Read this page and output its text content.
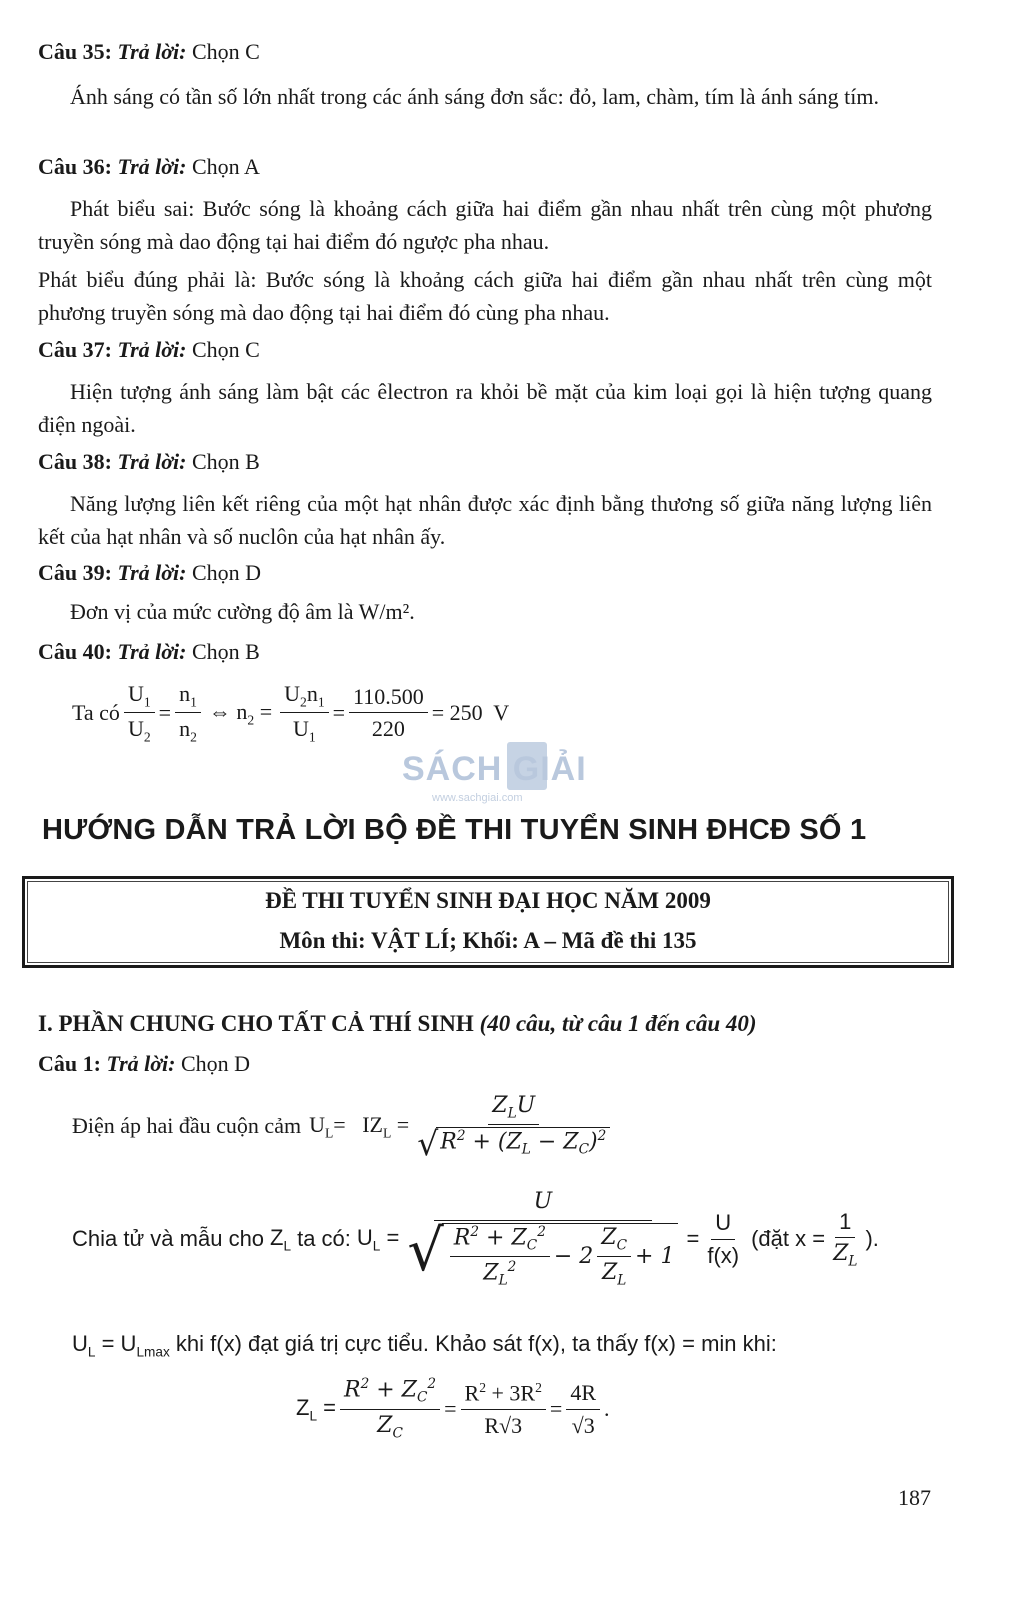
Câu 35: Trả lời: Chọn C
Ánh sáng có tần số lớn nhất trong các ánh sáng đơn sắc: đỏ, lam, chàm, tím là ánh sáng tím.
Câu 36: Trả lời: Chọn A
Phát biểu sai: Bước sóng là khoảng cách giữa hai điểm gần nhau nhất trên cùng một phương truyền sóng mà dao động tại hai điểm đó ngược pha nhau.
Phát biểu đúng phải là: Bước sóng là khoảng cách giữa hai điểm gần nhau nhất trên cùng một phương truyền sóng mà dao động tại hai điểm đó cùng pha nhau.
Câu 37: Trả lời: Chọn C
Hiện tượng ánh sáng làm bật các êlectron ra khỏi bề mặt của kim loại gọi là hiện tượng quang điện ngoài.
Câu 38: Trả lời: Chọn B
Năng lượng liên kết riêng của một hạt nhân được xác định bằng thương số giữa năng lượng liên kết của hạt nhân và số nuclôn của hạt nhân ấy.
Câu 39: Trả lời: Chọn D
Đơn vị của mức cường độ âm là W/m².
Câu 40: Trả lời: Chọn B
Ta có $\frac{U_1}{U_2} = \frac{n_1}{n_2}$ ⇔ $n_2 = \frac{U_2n_1}{U_1} = \frac{110.500}{220} = 250$  V
SÁCH GIẢI
www.sachgiai.com
HƯỚNG DẪN TRẢ LỜI BỘ ĐỀ THI TUYỂN SINH ĐHCĐ SỐ 1
ĐỀ THI TUYỂN SINH ĐẠI HỌC NĂM 2009
Môn thi: VẬT LÍ; Khối: A – Mã đề thi 135
I. PHẦN CHUNG CHO TẤT CẢ THÍ SINH (40 câu, từ câu 1 đến câu 40)
Câu 1: Trả lời: Chọn D
Điện áp hai đầu cuộn cảm $U_L= IZ_L = \frac{Z_LU}{√ R^2 + (Z_L - Z_C)^2}$
Chia tử và mẫu cho $Z_L$ ta có: $U_L = \frac{U}{√ \frac{R^2 + Z_C^2}{Z_L^2} - 2 \frac{Z_C}{Z_L} + 1} = \frac{U}{f(x)}$ (đặt $x = \frac{1}{Z_L}$ ).
$U_L = U_{Lmax}$ khi f(x) đạt giá trị cực tiểu. Khảo sát f(x), ta thấy f(x) = min khi:
$Z_L = \frac{R^2 + Z_C^2}{Z_C} = \frac{R^2 + 3R^2}{R√3} = \frac{4R}{√3}$ .
187
